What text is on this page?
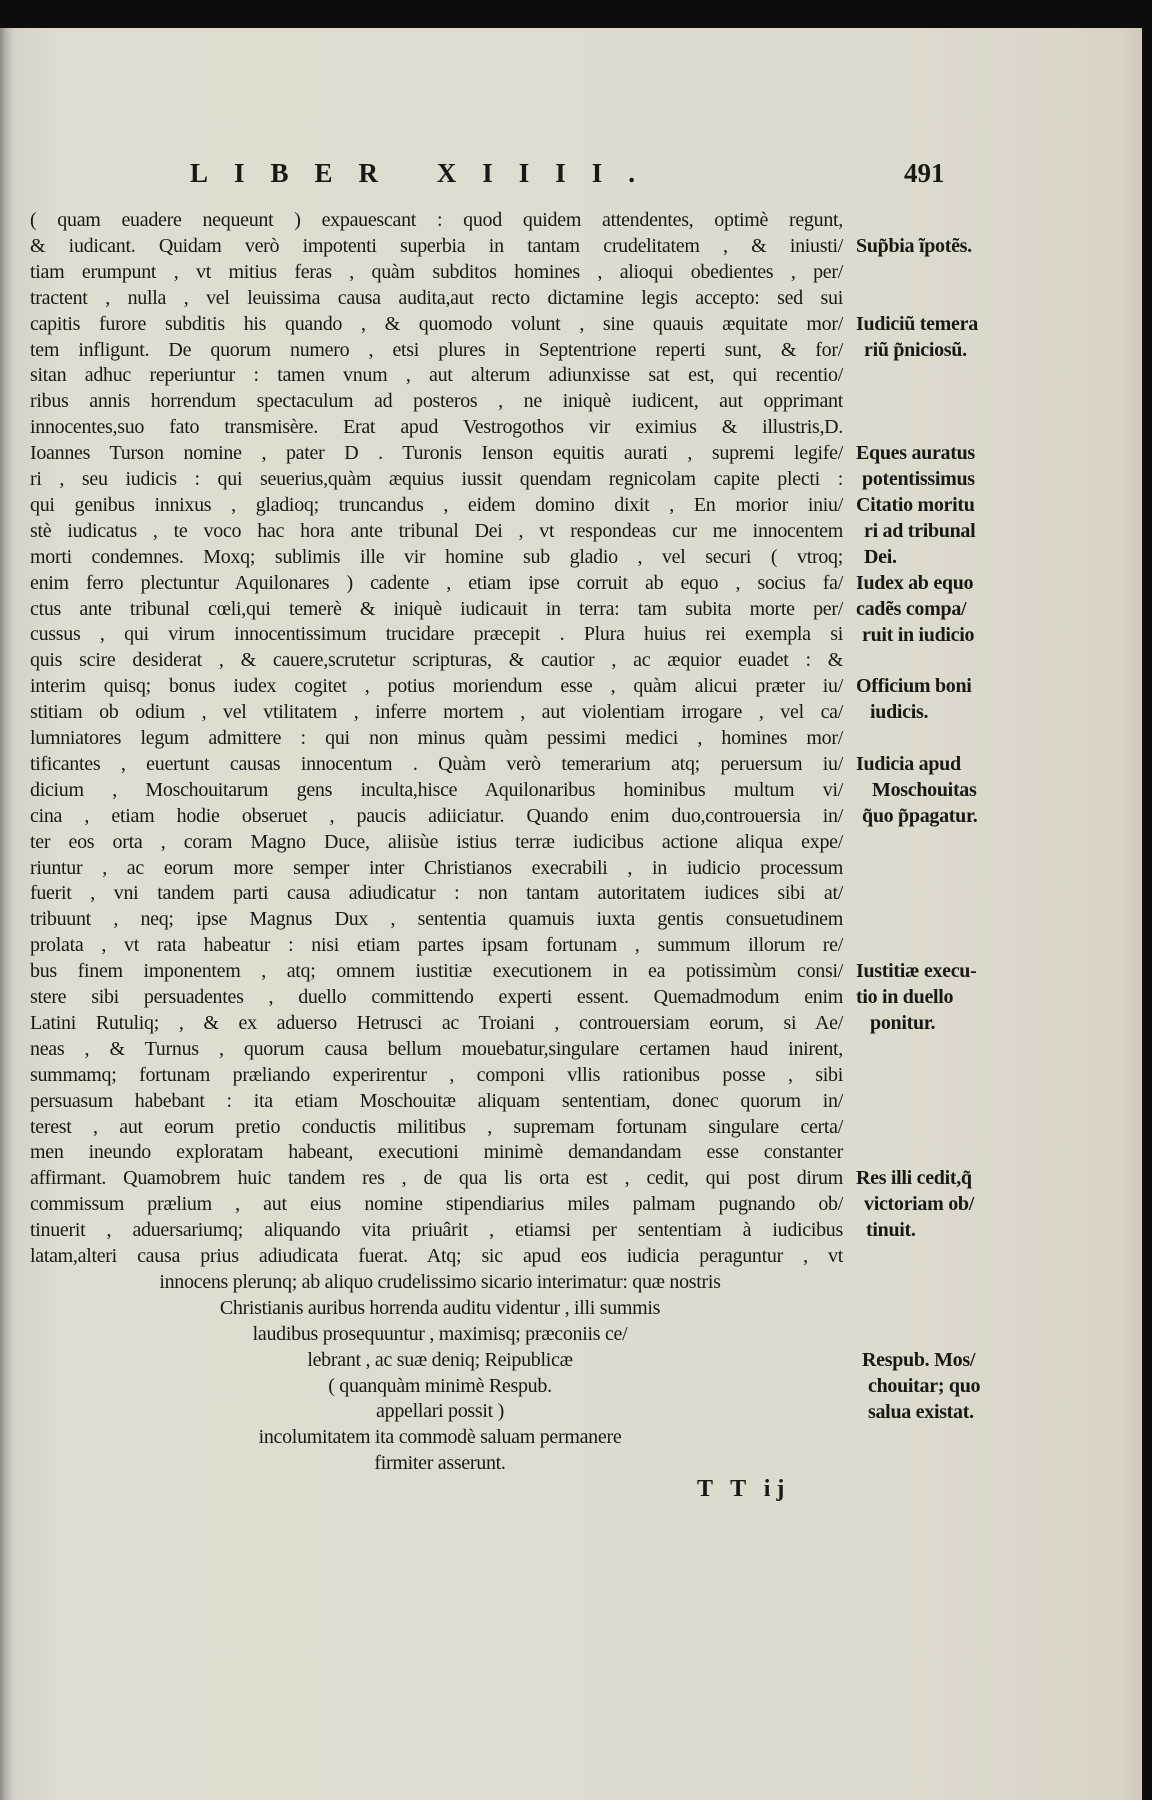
LIBER XIIII.	491
( quam euadere nequeunt ) expauescant : quod quidem attendentes, optimè regunt,
& iudicant. Quidam verò impotenti superbia in tantam crudelitatem , & iniusti/
tiam erumpunt , vt mitius feras , quàm subditos homines , alioqui obedientes , per/
tractent , nulla , vel leuissima causa audita,aut recto dictamine legis accepto: sed sui
capitis furore subditis his quando , & quomodo volunt , sine quauis æquitate mor/
tem infligunt. De quorum numero , etsi plures in Septentrione reperti sunt, & for/
sitan adhuc reperiuntur : tamen vnum , aut alterum adiunxisse sat est, qui recentio/
ribus annis horrendum spectaculum ad posteros , ne iniquè iudicent, aut opprimant
innocentes,suo fato transmisère. Erat apud Vestrogothos vir eximius & illustris,D.
Ioannes Turson nomine , pater D . Turonis Ienson equitis aurati , supremi legife/
ri , seu iudicis : qui seuerius,quàm æquius iussit quendam regnicolam capite plecti :
qui genibus innixus , gladioq; truncandus , eidem domino dixit , En morior iniu/
stè iudicatus , te voco hac hora ante tribunal Dei , vt respondeas cur me innocentem
morti condemnes. Moxq; sublimis ille vir homine sub gladio , vel securi ( vtroq;
enim ferro plectuntur Aquilonares ) cadente , etiam ipse corruit ab equo , socius fa/
ctus ante tribunal cœli,qui temerè & iniquè iudicauit in terra: tam subita morte per/
cussus , qui virum innocentissimum trucidare præcepit . Plura huius rei exempla si
quis scire desiderat , & cauere,scrutetur scripturas, & cautior , ac æquior euadet : &
interim quisq; bonus iudex cogitet , potius moriendum esse , quàm alicui præter iu/
stitiam ob odium , vel vtilitatem , inferre mortem , aut violentiam irrogare , vel ca/
lumniatores legum admittere : qui non minus quàm pessimi medici , homines mor/
tificantes , euertunt causas innocentum . Quàm verò temerarium atq; peruersum iu/
dicium , Moschouitarum gens inculta,hisce Aquilonaribus hominibus multum vi/
cina , etiam hodie obseruet , paucis adiiciatur. Quando enim duo,controuersia in/
ter eos orta , coram Magno Duce, aliisùe istius terræ iudicibus actione aliqua expe/
riuntur , ac eorum more semper inter Christianos execrabili , in iudicio processum
fuerit , vni tandem parti causa adiudicatur : non tantam autoritatem iudices sibi at/
tribuunt , neq; ipse Magnus Dux , sententia quamuis iuxta gentis consuetudinem
prolata , vt rata habeatur : nisi etiam partes ipsam fortunam , summum illorum re/
bus finem imponentem , atq; omnem iustitiæ executionem in ea potissimùm consi/
stere sibi persuadentes , duello committendo experti essent. Quemadmodum enim
Latini Rutuliq; , & ex aduerso Hetrusci ac Troiani , controuersiam eorum, si Ae/
neas , & Turnus , quorum causa bellum mouebatur,singulare certamen haud inirent,
summamq; fortunam præliando experirentur , componi vllis rationibus posse , sibi
persuasum habebant : ita etiam Moschouitæ aliquam sententiam, donec quorum in/
terest , aut eorum pretio conductis militibus , supremam fortunam singulare certa/
men ineundo exploratam habeant, executioni minimè demandandam esse constanter
affirmant. Quamobrem huic tandem res , de qua lis orta est , cedit, qui post dirum
commissum prælium , aut eius nomine stipendiarius miles palmam pugnando ob/
tinuerit , aduersariumq; aliquando vita priuârit , etiamsi per sententiam à iudicibus
latam,alteri causa prius adiudicata fuerat. Atq; sic apud eos iudicia peraguntur , vt
innocens plerunq; ab aliquo crudelissimo sicario interimatur: quæ nostris
Christianis auribus horrenda auditu videntur , illi summis
laudibus prosequuntur , maximisq; præconiis ce/
lebrant , ac suæ deniq; Reipublicæ
( quanquàm minimè Respub.
appellari possit )
incolumitatem ita commodè saluam permanere
firmiter asserunt.
Sup̃bia ĩpotẽs.
Iudiciũ temera
riũ p̃niciosũ.
Eques auratus
potentissimus
Citatio moritu
ri ad tribunal
Dei.
Iudex ab equo
cadẽs compa/
ruit in iudicio
Officium boni
iudicis.
Iudicia apud
Moschouitas
q̃uo p̃pagatur.
Iustitiæ execu-
tio in duello
ponitur.
Res illi cedit,q̃
victoriam ob/
tinuit.
Respub. Mos/
chouitar; quo
salua existat.
T T ij
